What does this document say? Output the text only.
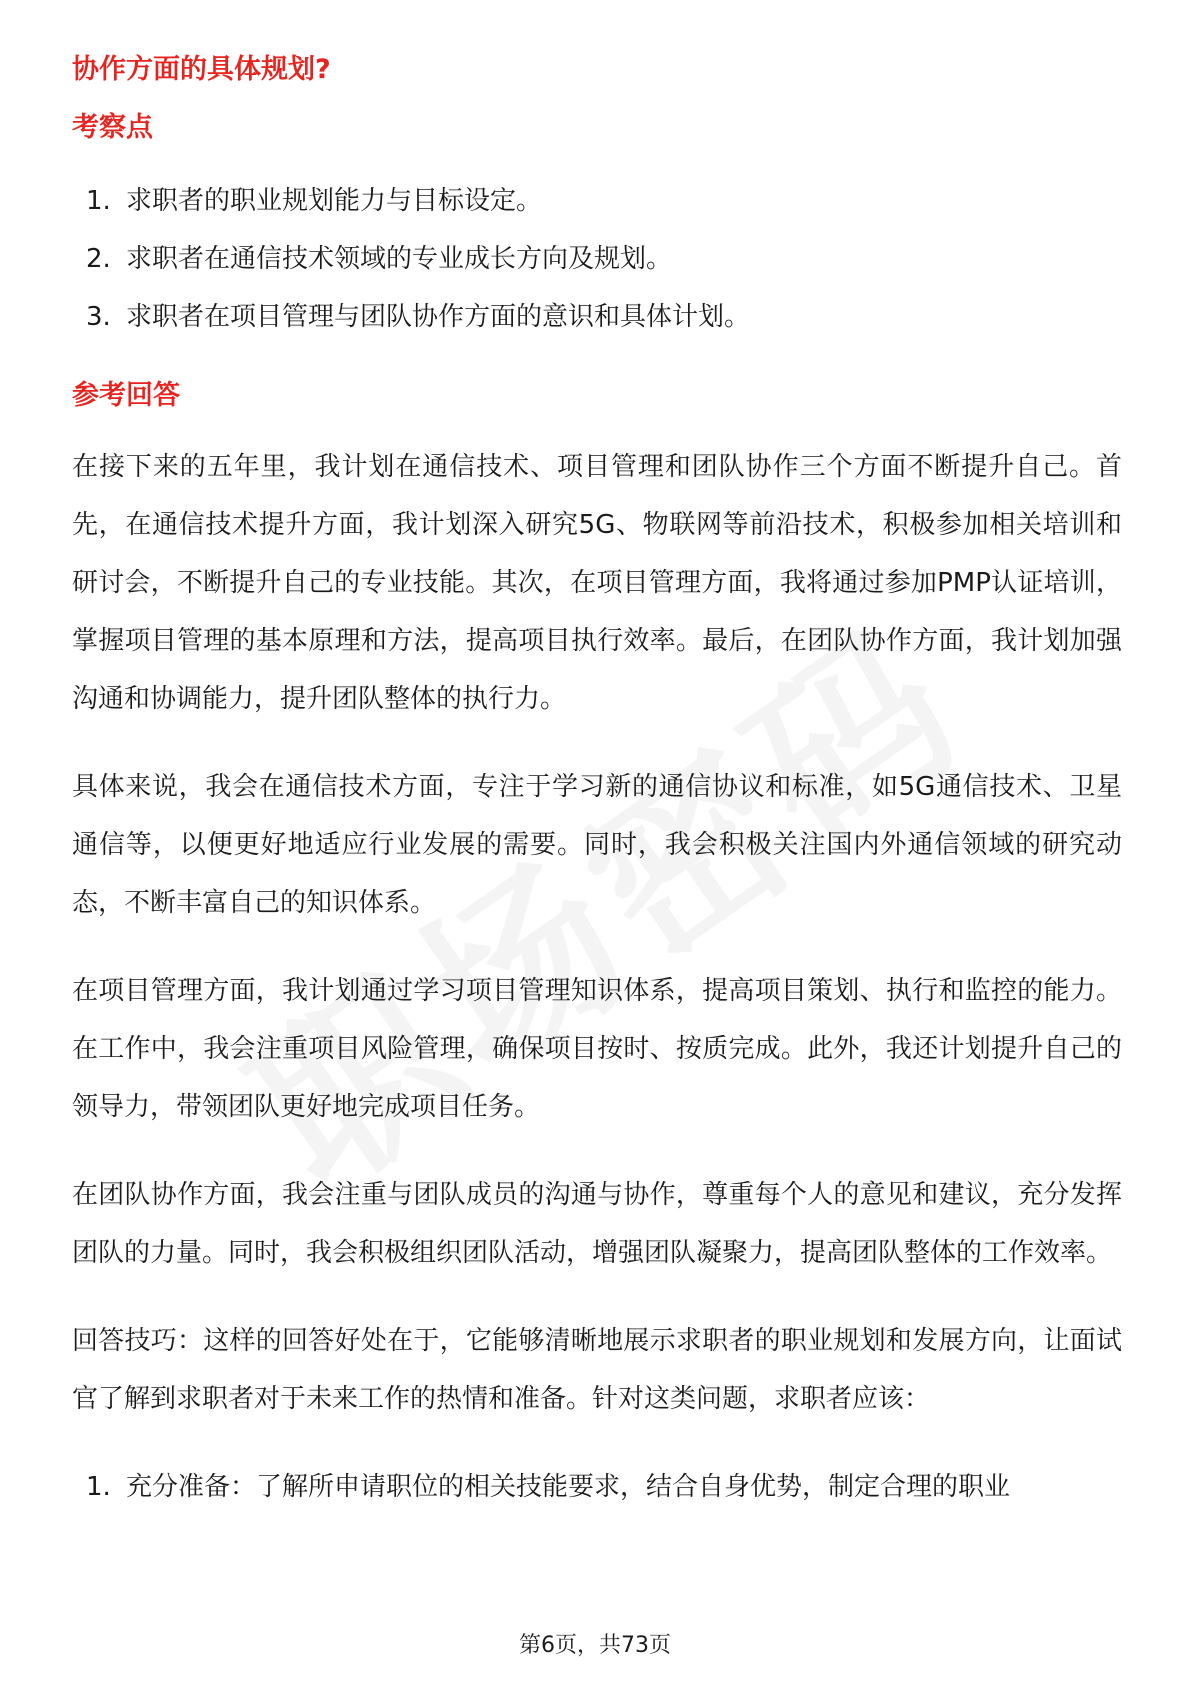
协作方面的具体规划?
考察点
1. 求职者的职业规划能力与目标设定。
2. 求职者在通信技术领域的专业成长方向及规划。
3. 求职者在项目管理与团队协作方面的意识和具体计划。
参考回答

在接下来的五年里，我计划在通信技术、项目管理和团队协作三个方面不断提升自己。首先，在通信技术提升方面，我计划深入研究5G、物联网等前沿技术，积极参加相关培训和研讨会，不断提升自己的专业技能。其次，在项目管理方面，我将通过参加PMP认证培训，掌握项目管理的基本原理和方法，提高项目执行效率。最后，在团队协作方面，我计划加强沟通和协调能力，提升团队整体的执行力。

具体来说，我会在通信技术方面，专注于学习新的通信协议和标准，如5G通信技术、卫星通信等，以便更好地适应行业发展的需要。同时，我会积极关注国内外通信领域的研究动态，不断丰富自己的知识体系。

在项目管理方面，我计划通过学习项目管理知识体系，提高项目策划、执行和监控的能力。在工作中，我会注重项目风险管理，确保项目按时、按质完成。此外，我还计划提升自己的领导力，带领团队更好地完成项目任务。

在团队协作方面，我会注重与团队成员的沟通与协作，尊重每个人的意见和建议，充分发挥团队的力量。同时，我会积极组织团队活动，增强团队凝聚力，提高团队整体的工作效率。

回答技巧：这样的回答好处在于，它能够清晰地展示求职者的职业规划和发展方向，让面试官了解到求职者对于未来工作的热情和准备。针对这类问题，求职者应该：

1. 充分准备：了解所申请职位的相关技能要求，结合自身优势，制定合理的职业
第6页，共73页
